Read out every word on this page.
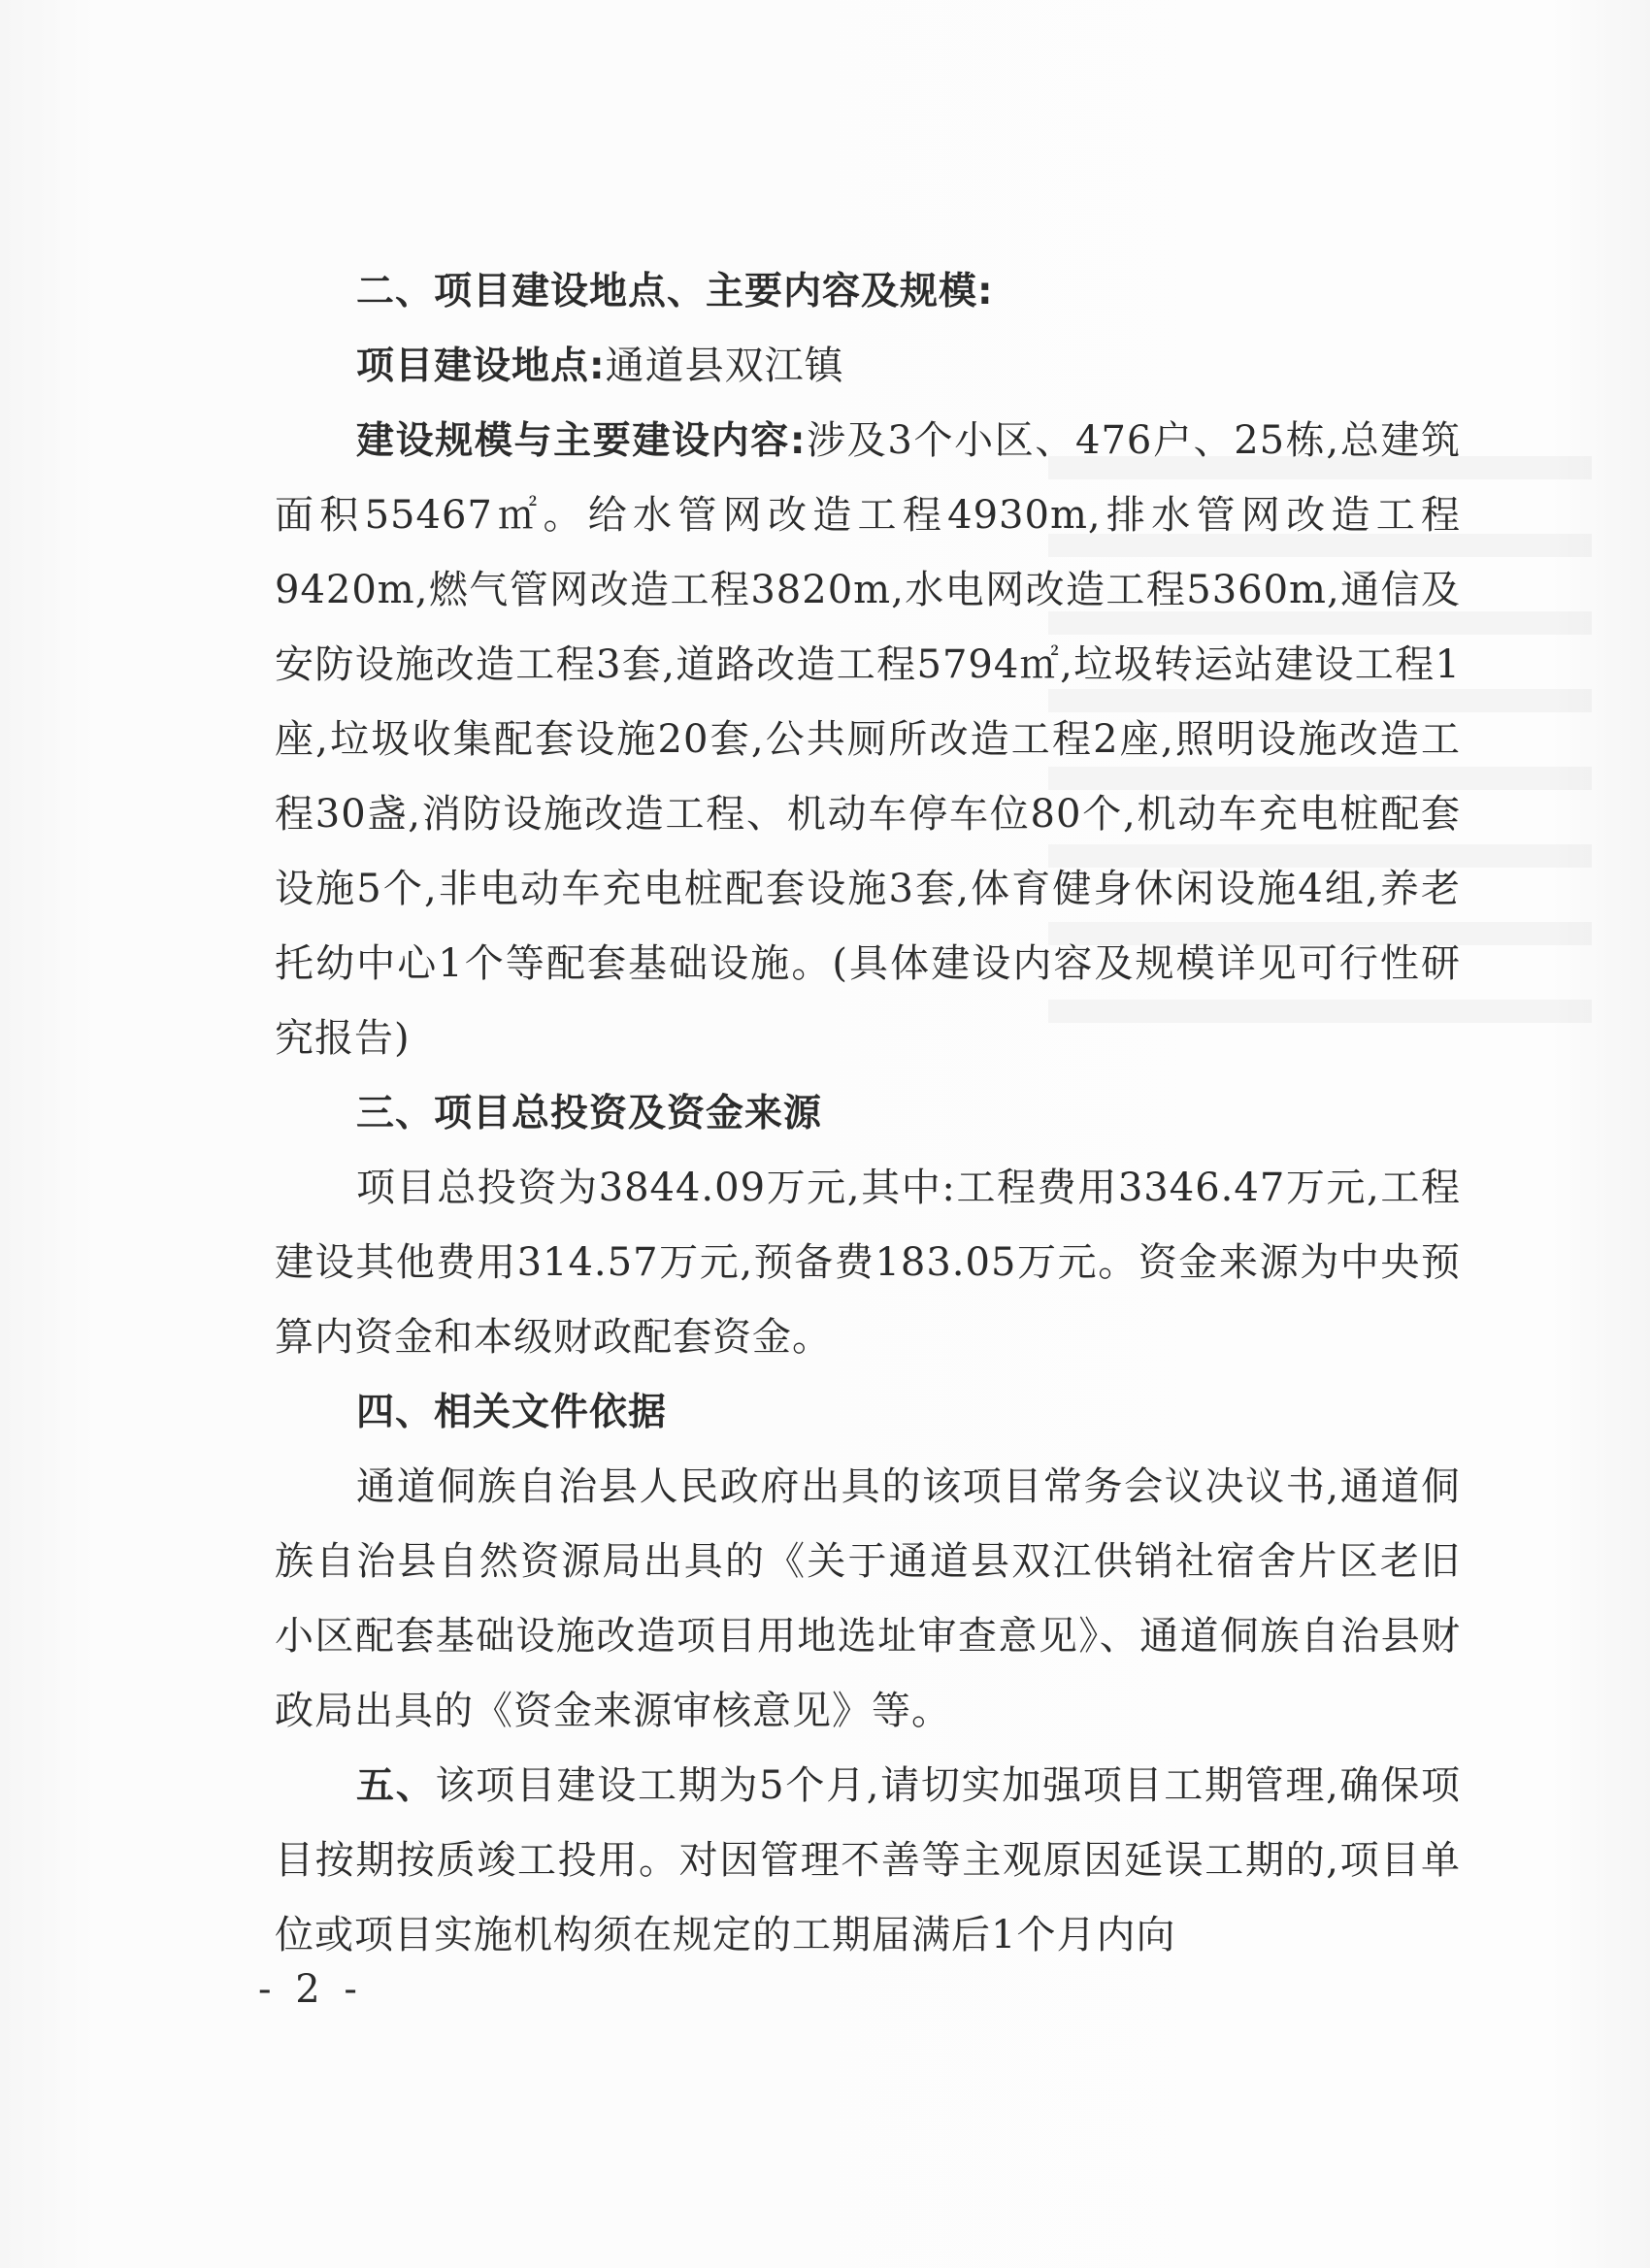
二、项目建设地点、主要内容及规模:

项目建设地点:通道县双江镇

建设规模与主要建设内容:涉及3个小区、476户、25栋,总建筑面积55467㎡。给水管网改造工程4930m,排水管网改造工程9420m,燃气管网改造工程3820m,水电网改造工程5360m,通信及安防设施改造工程3套,道路改造工程5794㎡,垃圾转运站建设工程1座,垃圾收集配套设施20套,公共厕所改造工程2座,照明设施改造工程30盏,消防设施改造工程、机动车停车位80个,机动车充电桩配套设施5个,非电动车充电桩配套设施3套,体育健身休闲设施4组,养老托幼中心1个等配套基础设施。(具体建设内容及规模详见可行性研究报告)

三、项目总投资及资金来源

项目总投资为3844.09万元,其中:工程费用3346.47万元,工程建设其他费用314.57万元,预备费183.05万元。资金来源为中央预算内资金和本级财政配套资金。

四、相关文件依据

通道侗族自治县人民政府出具的该项目常务会议决议书,通道侗族自治县自然资源局出具的《关于通道县双江供销社宿舍片区老旧小区配套基础设施改造项目用地选址审查意见》、通道侗族自治县财政局出具的《资金来源审核意见》等。

五、该项目建设工期为5个月,请切实加强项目工期管理,确保项目按期按质竣工投用。对因管理不善等主观原因延误工期的,项目单位或项目实施机构须在规定的工期届满后1个月内向

- 2 -
